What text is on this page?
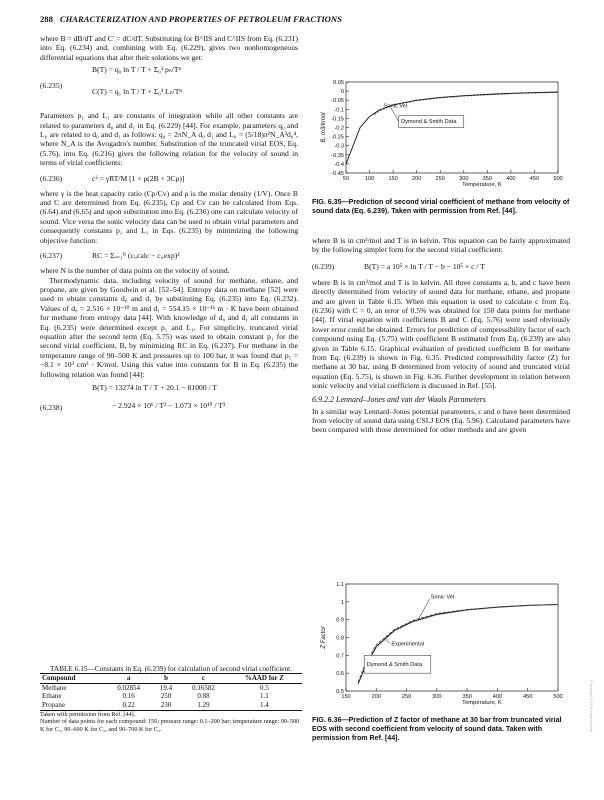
288 CHARACTERIZATION AND PROPERTIES OF PETROLEUM FRACTIONS

where B = dB/dT and C′ = dC/dT. Substituting for B^IIS and C^IIS from Eq. (6.231) into Eq. (6.234) and, combining with Eq. (6.229), gives two nonhomogeneous differential equations that after their solutions we get:

(6.235)
B(T) = q₀ ln T / T + Σ₀³ pₙ/Tⁿ
C(T) = q₁ ln T / T + Σ₀³ Lₙ/Tⁿ

Parameters p₁ and L₁ are constants of integration while all other constants are related to parameters d₀ and d₁ in Eq. (6.229) [44]. For example, parameters q₀ and L₀ are related to d₀ and d₁ as follows: q₀ = 2πN_A d₀ d₁ and L₀ = (5/18)π²N_A²d₀⁴, where N_A is the Avogadro's number. Substitution of the truncated virial EOS, Eq. (5.76), into Eq. (6.216) gives the following relation for the velocity of sound in terms of virial coefficients:

(6.236)	c² = γRT/M [1 + ρ(2B + 3Cρ)]

where γ is the heat capacity ratio (Cp/Cv) and ρ is the molar density (1/V). Once B and C are determined from Eq. (6.235), Cp and Cv can be calculated from Eqs. (6.64) and (6.65) and upon substitution into Eq. (6.236) one can calculate velocity of sound. Vice versa the sonic velocity data can be used to obtain virial parameters and consequently constants p₁ and L₁ in Eqs. (6.235) by minimizing the following objective function:

(6.237)	RC = Σᵢ₌₁ᴺ (cᵢ,calc − cᵢ,exp)²

where N is the number of data points on the velocity of sound.

Thermodynamic data, including velocity of sound for methane, ethane, and propane, are given by Goodwin et al. [52–54]. Entropy data on methane [52] were used to obtain constants d₀ and d₁ by substituting Eq. (6.235) into Eq. (6.232). Values of d₀ = 2.516 × 10⁻¹⁰ m and d₁ = 554.15 × 10⁻¹⁶ m · K have been obtained for methane from entropy data [44]. With knowledge of d₀ and d₁ all constants in Eq. (6.235) were determined except p₁ and L₁. For simplicity, truncated virial equation after the second term (Eq. 5.75) was used to obtain constant p₁ for the second virial coefficient, B, by minimizing RC in Eq. (6.237). For methane in the temperature range of 90–500 K and pressures up to 100 bar, it was found that p₁ = −8.1 × 10³ cm³ · K/mol. Using this value into constants for B in Eq. (6.235) the following relation was found [44]:

(6.238)
B(T) = 13274 ln T / T + 20.1 − 81000 / T
− 2.924 × 10⁶ / T² − 1.073 × 10¹⁰ / T³
TABLE 6.15—Constants in Eq. (6.239) for calculation of second virial coefficient.
Compound	a	b	c	%AAD for Z
Methane	0.02854	19.4	0.16582	0.5
Ethane	0.16	250	0.88	1.1
Propane	0.22	230	1.29	1.4
Taken with permission from Ref. [44].
Number of data points for each compound: 150; pressure range: 0.1–200 bar; temperature range: 90–500 K for C₁, 90–600 K for C₂, and 90–700 K for C₃.
0.05
0
-0.05
-0.1
-0.15
-0.2
-0.25
-0.3
-0.35
-0.4
-0.45
50	100	150	200	250	300	350	400	450	500
Temperature, K
B, m3/kmol
Sonic Vel.
Dymond & Smith Data
FIG. 6.35—Prediction of second virial coefficient of methane from velocity of sound data (Eq. 6.239). Taken with permission from Ref. [44].

where B is in cm³/mol and T is in kelvin. This equation can be fairly approximated by the following simpler form for the second virial coefficient:

(6.239)	B(T) = a 10⁵ × ln T / T − b − 10⁵ × c / T

where B is in cm³/mol and T is in kelvin. All three constants a, b, and c have been directly determined from velocity of sound data for methane, ethane, and propane and are given in Table 6.15. When this equation is used to calculate c from Eq. (6.236) with C = 0, an error of 0.5% was obtained for 150 data points for methane [44]. If virial equation with coefficients B and C (Eq. 5.76) were used obviously lower error could be obtained. Errors for prediction of compressibility factor of each compound using Eq. (5.75) with coefficient B estimated from Eq. (6.239) are also given in Table 6.15. Graphical evaluation of predicted coefficient B for methane from Eq. (6.239) is shown in Fig. 6.35. Predicted compressibility factor (Z) for methane at 30 bar, using B determined from velocity of sound and truncated virial equation (Eq. 5.75), is shown in Fig. 6.36. Further development in relation between sonic velocity and virial coefficient is discussed in Ref. [55].

6.9.2.2 Lennard–Jones and van der Waals Parameters

In a similar way Lennard–Jones potential parameters, ε and σ have been determined from velocity of sound data using CSLJ EOS (Eq. 5.96). Calculated parameters have been compared with those determined for other methods and are given

1.1
1
0.9
0.8
0.7
0.6
0.5
150	200	250	300	350	400	450	500
Temperature, K
Z Factor
Sonic Vel.
Experimental
Dymond & Smith Data
FIG. 6.36—Prediction of Z factor of methane at 30 bar from truncated virial EOS with second coefficient from velocity of sound data. Taken with permission from Ref. [44].
Copyright ASTM International
